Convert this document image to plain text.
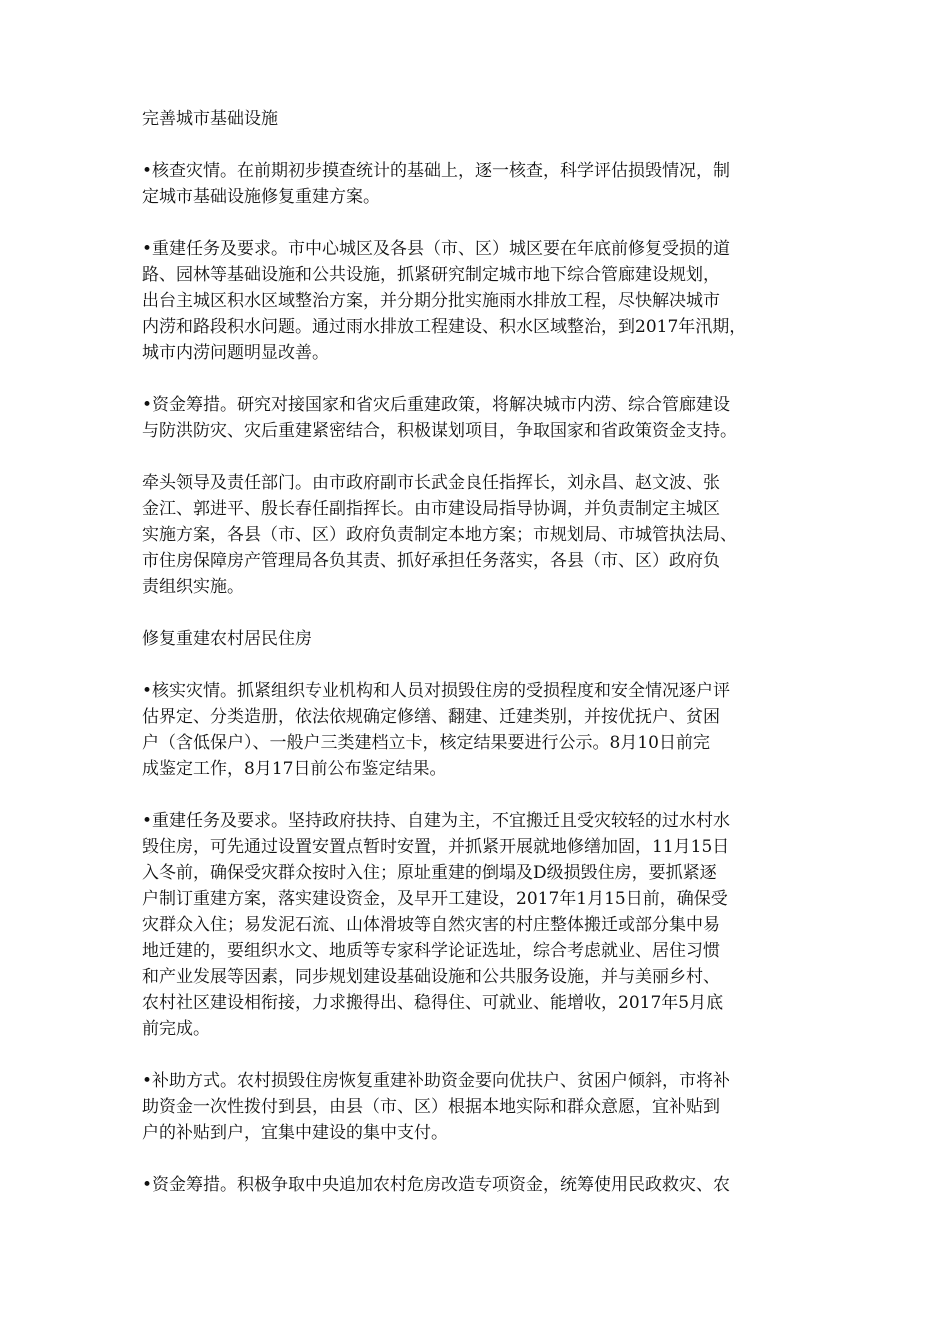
完善城市基础设施

•核查灾情。在前期初步摸查统计的基础上，逐一核查，科学评估损毁情况，制
定城市基础设施修复重建方案。

•重建任务及要求。市中心城区及各县（市、区）城区要在年底前修复受损的道
路、园林等基础设施和公共设施，抓紧研究制定城市地下综合管廊建设规划，
出台主城区积水区域整治方案，并分期分批实施雨水排放工程，尽快解决城市
内涝和路段积水问题。通过雨水排放工程建设、积水区域整治，到2017年汛期，
城市内涝问题明显改善。

•资金筹措。研究对接国家和省灾后重建政策，将解决城市内涝、综合管廊建设
与防洪防灾、灾后重建紧密结合，积极谋划项目，争取国家和省政策资金支持。

牵头领导及责任部门。由市政府副市长武金良任指挥长，刘永昌、赵文波、张
金江、郭进平、殷长春任副指挥长。由市建设局指导协调，并负责制定主城区
实施方案，各县（市、区）政府负责制定本地方案；市规划局、市城管执法局、
市住房保障房产管理局各负其责、抓好承担任务落实，各县（市、区）政府负
责组织实施。

修复重建农村居民住房

•核实灾情。抓紧组织专业机构和人员对损毁住房的受损程度和安全情况逐户评
估界定、分类造册，依法依规确定修缮、翻建、迁建类别，并按优抚户、贫困
户（含低保户）、一般户三类建档立卡，核定结果要进行公示。8月10日前完
成鉴定工作，8月17日前公布鉴定结果。

•重建任务及要求。坚持政府扶持、自建为主，不宜搬迁且受灾较轻的过水村水
毁住房，可先通过设置安置点暂时安置，并抓紧开展就地修缮加固，11月15日
入冬前，确保受灾群众按时入住；原址重建的倒塌及D级损毁住房，要抓紧逐
户制订重建方案，落实建设资金，及早开工建设，2017年1月15日前，确保受
灾群众入住；易发泥石流、山体滑坡等自然灾害的村庄整体搬迁或部分集中易
地迁建的，要组织水文、地质等专家科学论证选址，综合考虑就业、居住习惯
和产业发展等因素，同步规划建设基础设施和公共服务设施，并与美丽乡村、
农村社区建设相衔接，力求搬得出、稳得住、可就业、能增收，2017年5月底
前完成。

•补助方式。农村损毁住房恢复重建补助资金要向优扶户、贫困户倾斜，市将补
助资金一次性拨付到县，由县（市、区）根据本地实际和群众意愿，宜补贴到
户的补贴到户，宜集中建设的集中支付。

•资金筹措。积极争取中央追加农村危房改造专项资金，统筹使用民政救灾、农
